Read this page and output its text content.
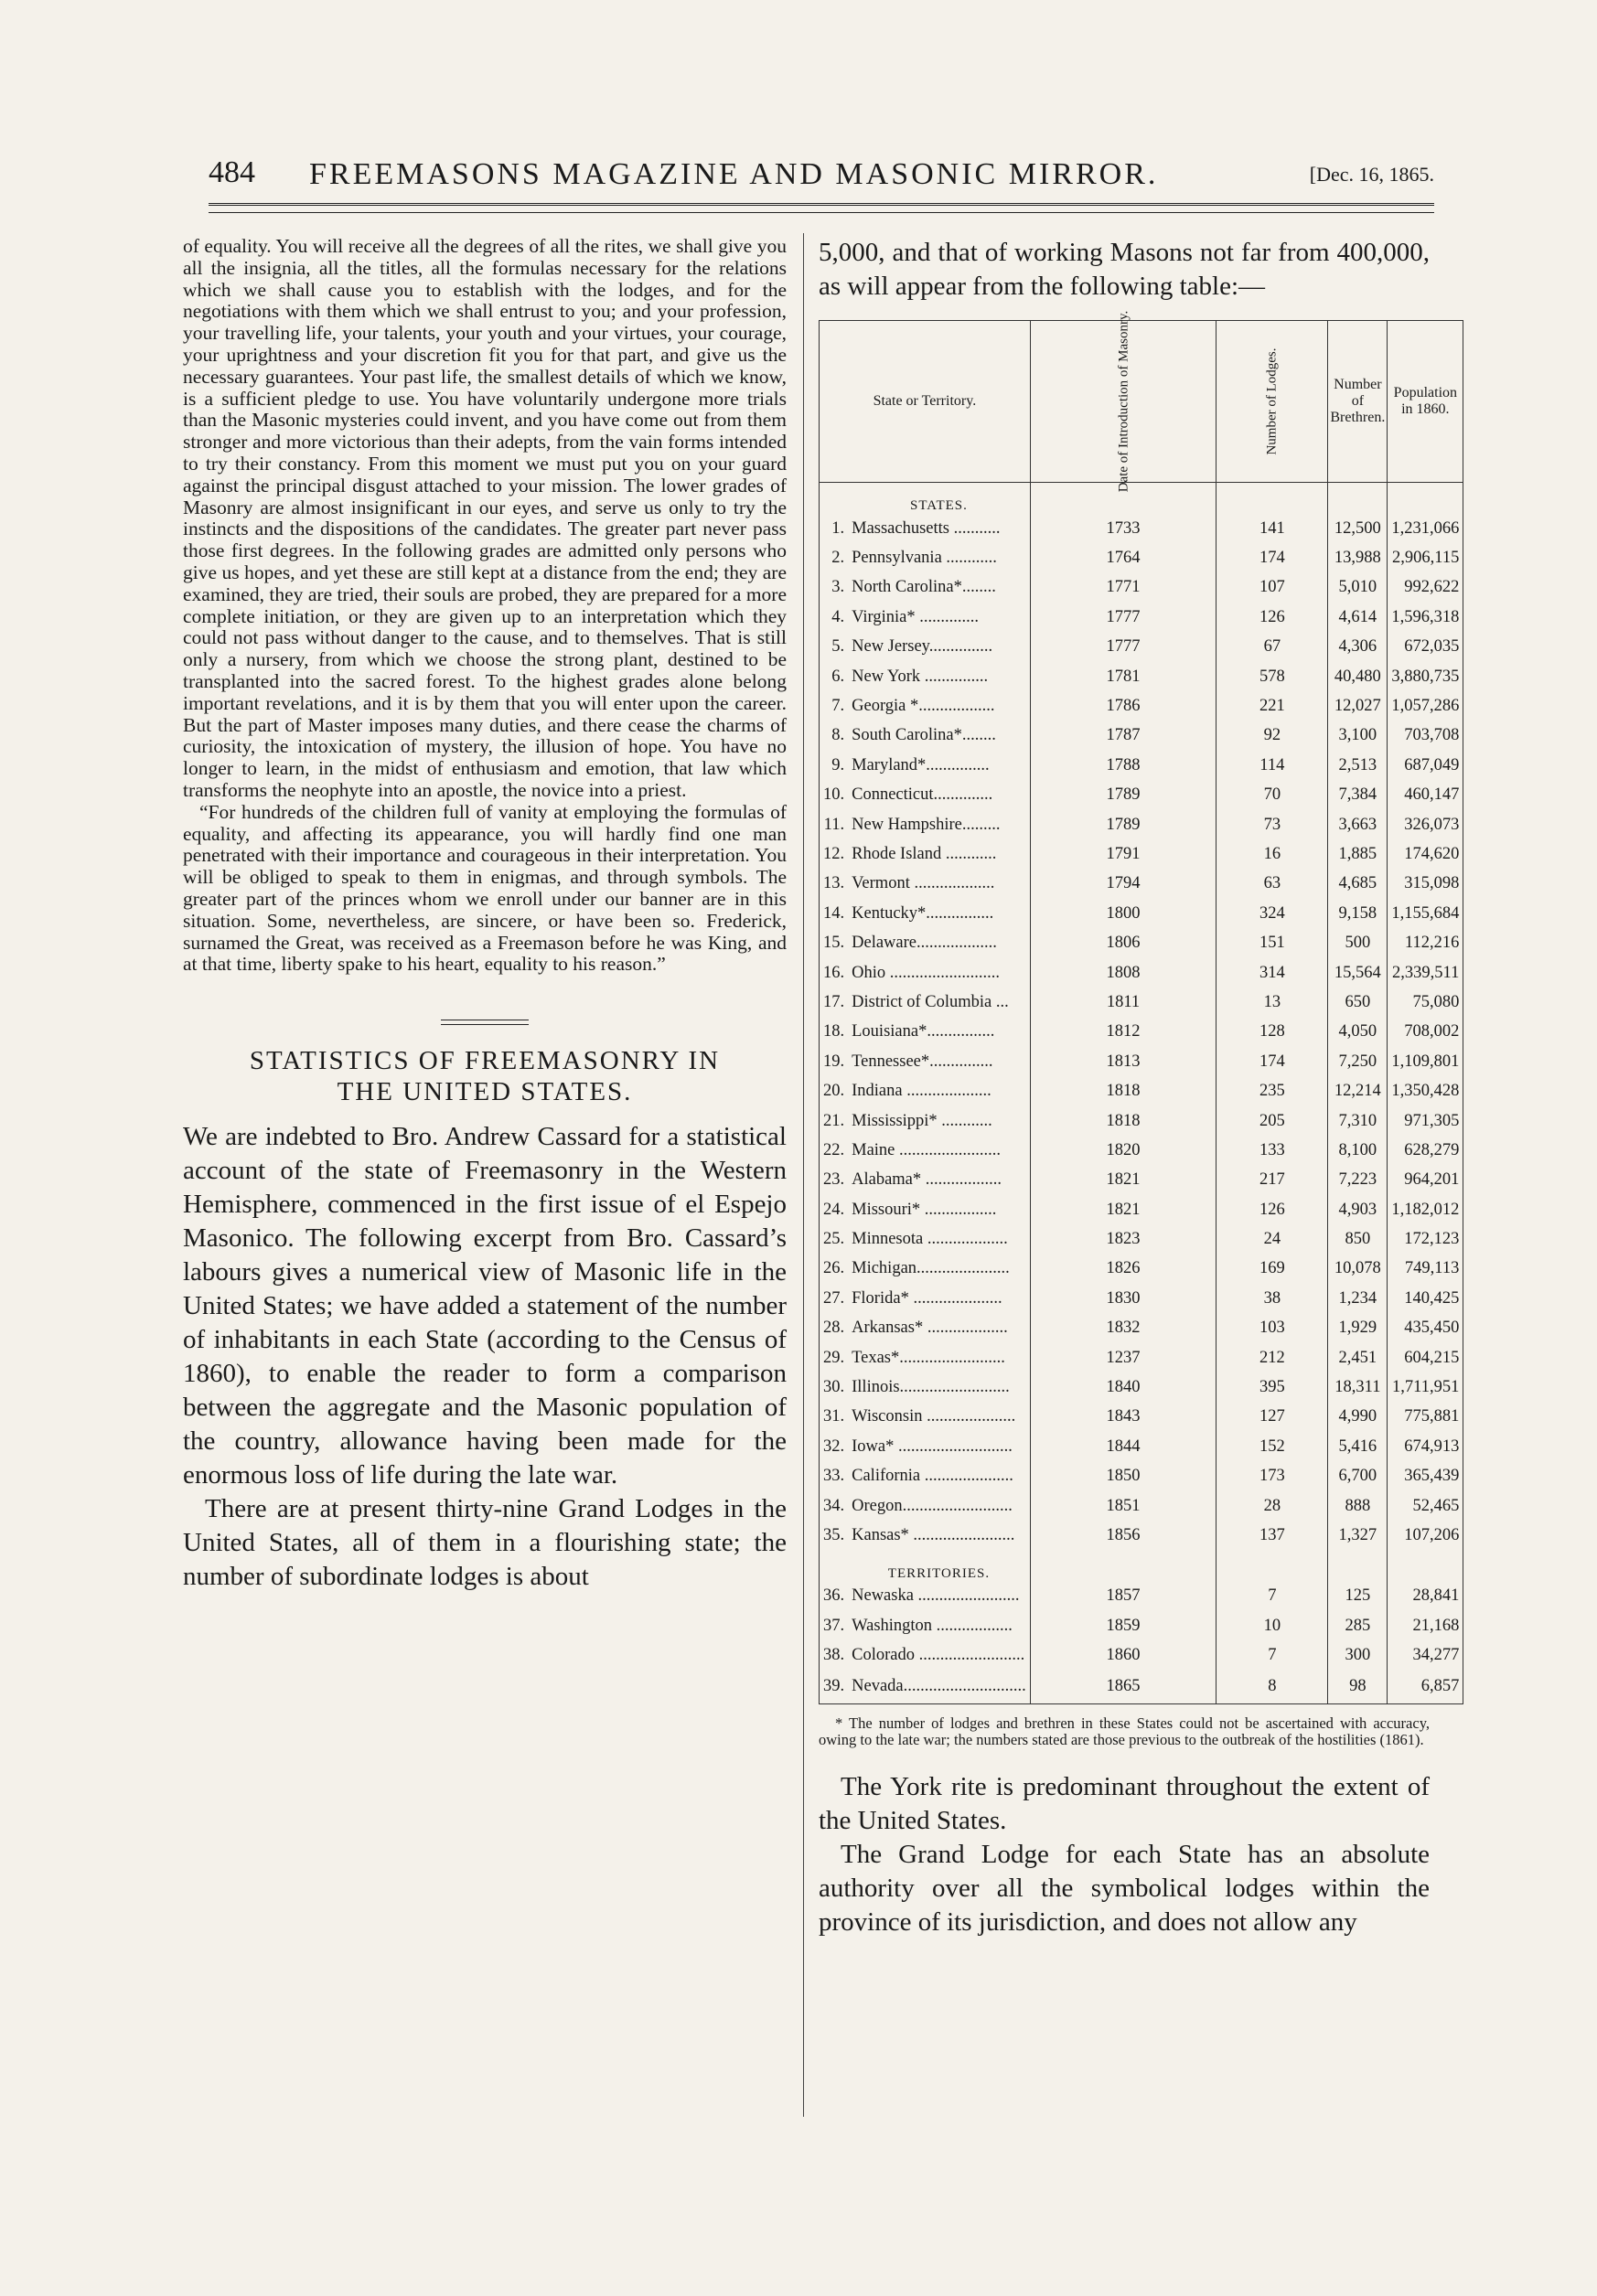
484 FREEMASONS MAGAZINE AND MASONIC MIRROR.	[Dec. 16, 1865.

of equality. You will receive all the degrees of all the rites, we shall give you all the insignia, all the titles, all the formulas necessary for the relations which we shall cause you to establish with the lodges, and for the negotiations with them which we shall entrust to you; and your profession, your travelling life, your talents, your youth and your virtues, your courage, your uprightness and your discretion fit you for that part, and give us the necessary guarantees. Your past life, the smallest details of which we know, is a sufficient pledge to use. You have voluntarily undergone more trials than the Masonic mysteries could invent, and you have come out from them stronger and more victorious than their adepts, from the vain forms intended to try their constancy. From this moment we must put you on your guard against the principal disgust attached to your mission. The lower grades of Masonry are almost insignificant in our eyes, and serve us only to try the instincts and the dispositions of the candidates. The greater part never pass those first degrees. In the following grades are admitted only persons who give us hopes, and yet these are still kept at a distance from the end; they are examined, they are tried, their souls are probed, they are prepared for a more complete initiation, or they are given up to an interpretation which they could not pass without danger to the cause, and to themselves. That is still only a nursery, from which we choose the strong plant, destined to be transplanted into the sacred forest. To the highest grades alone belong important revelations, and it is by them that you will enter upon the career. But the part of Master imposes many duties, and there cease the charms of curiosity, the intoxication of mystery, the illusion of hope. You have no longer to learn, in the midst of enthusiasm and emotion, that law which transforms the neophyte into an apostle, the novice into a priest.

“For hundreds of the children full of vanity at employing the formulas of equality, and affecting its appearance, you will hardly find one man penetrated with their importance and courageous in their interpretation. You will be obliged to speak to them in enigmas, and through symbols. The greater part of the princes whom we enroll under our banner are in this situation. Some, nevertheless, are sincere, or have been so. Frederick, surnamed the Great, was received as a Freemason before he was King, and at that time, liberty spake to his heart, equality to his reason.”

STATISTICS OF FREEMASONRY IN
THE UNITED STATES.

We are indebted to Bro. Andrew Cassard for a statistical account of the state of Freemasonry in the Western Hemisphere, commenced in the first issue of el Espejo Masonico. The following excerpt from Bro. Cassard’s labours gives a numerical view of Masonic life in the United States; we have added a statement of the number of inhabitants in each State (according to the Census of 1860), to enable the reader to form a comparison between the aggregate and the Masonic population of the country, allowance having been made for the enormous loss of life during the late war.

There are at present thirty-nine Grand Lodges in the United States, all of them in a flourishing state; the number of subordinate lodges is about

5,000, and that of working Masons not far from 400,000, as will appear from the following table:—

State or Territory.		Date of Introduction of Masonry.	Number of Lodges.	Number of Brethren.	Population in 1860.
	STATES.				
1.	Massachusetts ...........	1733	141	12,500	1,231,066
2.	Pennsylvania ............	1764	174	13,988	2,906,115
3.	North Carolina*........	1771	107	5,010	992,622
4.	Virginia* ..............	1777	126	4,614	1,596,318
5.	New Jersey...............	1777	67	4,306	672,035
6.	New York ...............	1781	578	40,480	3,880,735
7.	Georgia *..................	1786	221	12,027	1,057,286
8.	South Carolina*........	1787	92	3,100	703,708
9.	Maryland*...............	1788	114	2,513	687,049
10.	Connecticut..............	1789	70	7,384	460,147
11.	New Hampshire.........	1789	73	3,663	326,073
12.	Rhode Island ............	1791	16	1,885	174,620
13.	Vermont ...................	1794	63	4,685	315,098
14.	Kentucky*................	1800	324	9,158	1,155,684
15.	Delaware...................	1806	151	500	112,216
16.	Ohio ..........................	1808	314	15,564	2,339,511
17.	District of Columbia ...	1811	13	650	75,080
18.	Louisiana*................	1812	128	4,050	708,002
19.	Tennessee*...............	1813	174	7,250	1,109,801
20.	Indiana ....................	1818	235	12,214	1,350,428
21.	Mississippi* ............	1818	205	7,310	971,305
22.	Maine ........................	1820	133	8,100	628,279
23.	Alabama* ..................	1821	217	7,223	964,201
24.	Missouri* .................	1821	126	4,903	1,182,012
25.	Minnesota ...................	1823	24	850	172,123
26.	Michigan......................	1826	169	10,078	749,113
27.	Florida* .....................	1830	38	1,234	140,425
28.	Arkansas* ...................	1832	103	1,929	435,450
29.	Texas*.........................	1237	212	2,451	604,215
30.	Illinois..........................	1840	395	18,311	1,711,951
31.	Wisconsin .....................	1843	127	4,990	775,881
32.	Iowa* ...........................	1844	152	5,416	674,913
33.	California .....................	1850	173	6,700	365,439
34.	Oregon..........................	1851	28	888	52,465
35.	Kansas* ........................	1856	137	1,327	107,206
	TERRITORIES.				
36.	Newaska ........................	1857	7	125	28,841
37.	Washington ..................	1859	10	285	21,168
38.	Colorado .........................	1860	7	300	34,277
39.	Nevada.............................	1865	8	98	6,857
* The number of lodges and brethren in these States could not be ascertained with accuracy, owing to the late war; the numbers stated are those previous to the outbreak of the hostilities (1861).

The York rite is predominant throughout the extent of the United States.

The Grand Lodge for each State has an absolute authority over all the symbolical lodges within the province of its jurisdiction, and does not allow any
